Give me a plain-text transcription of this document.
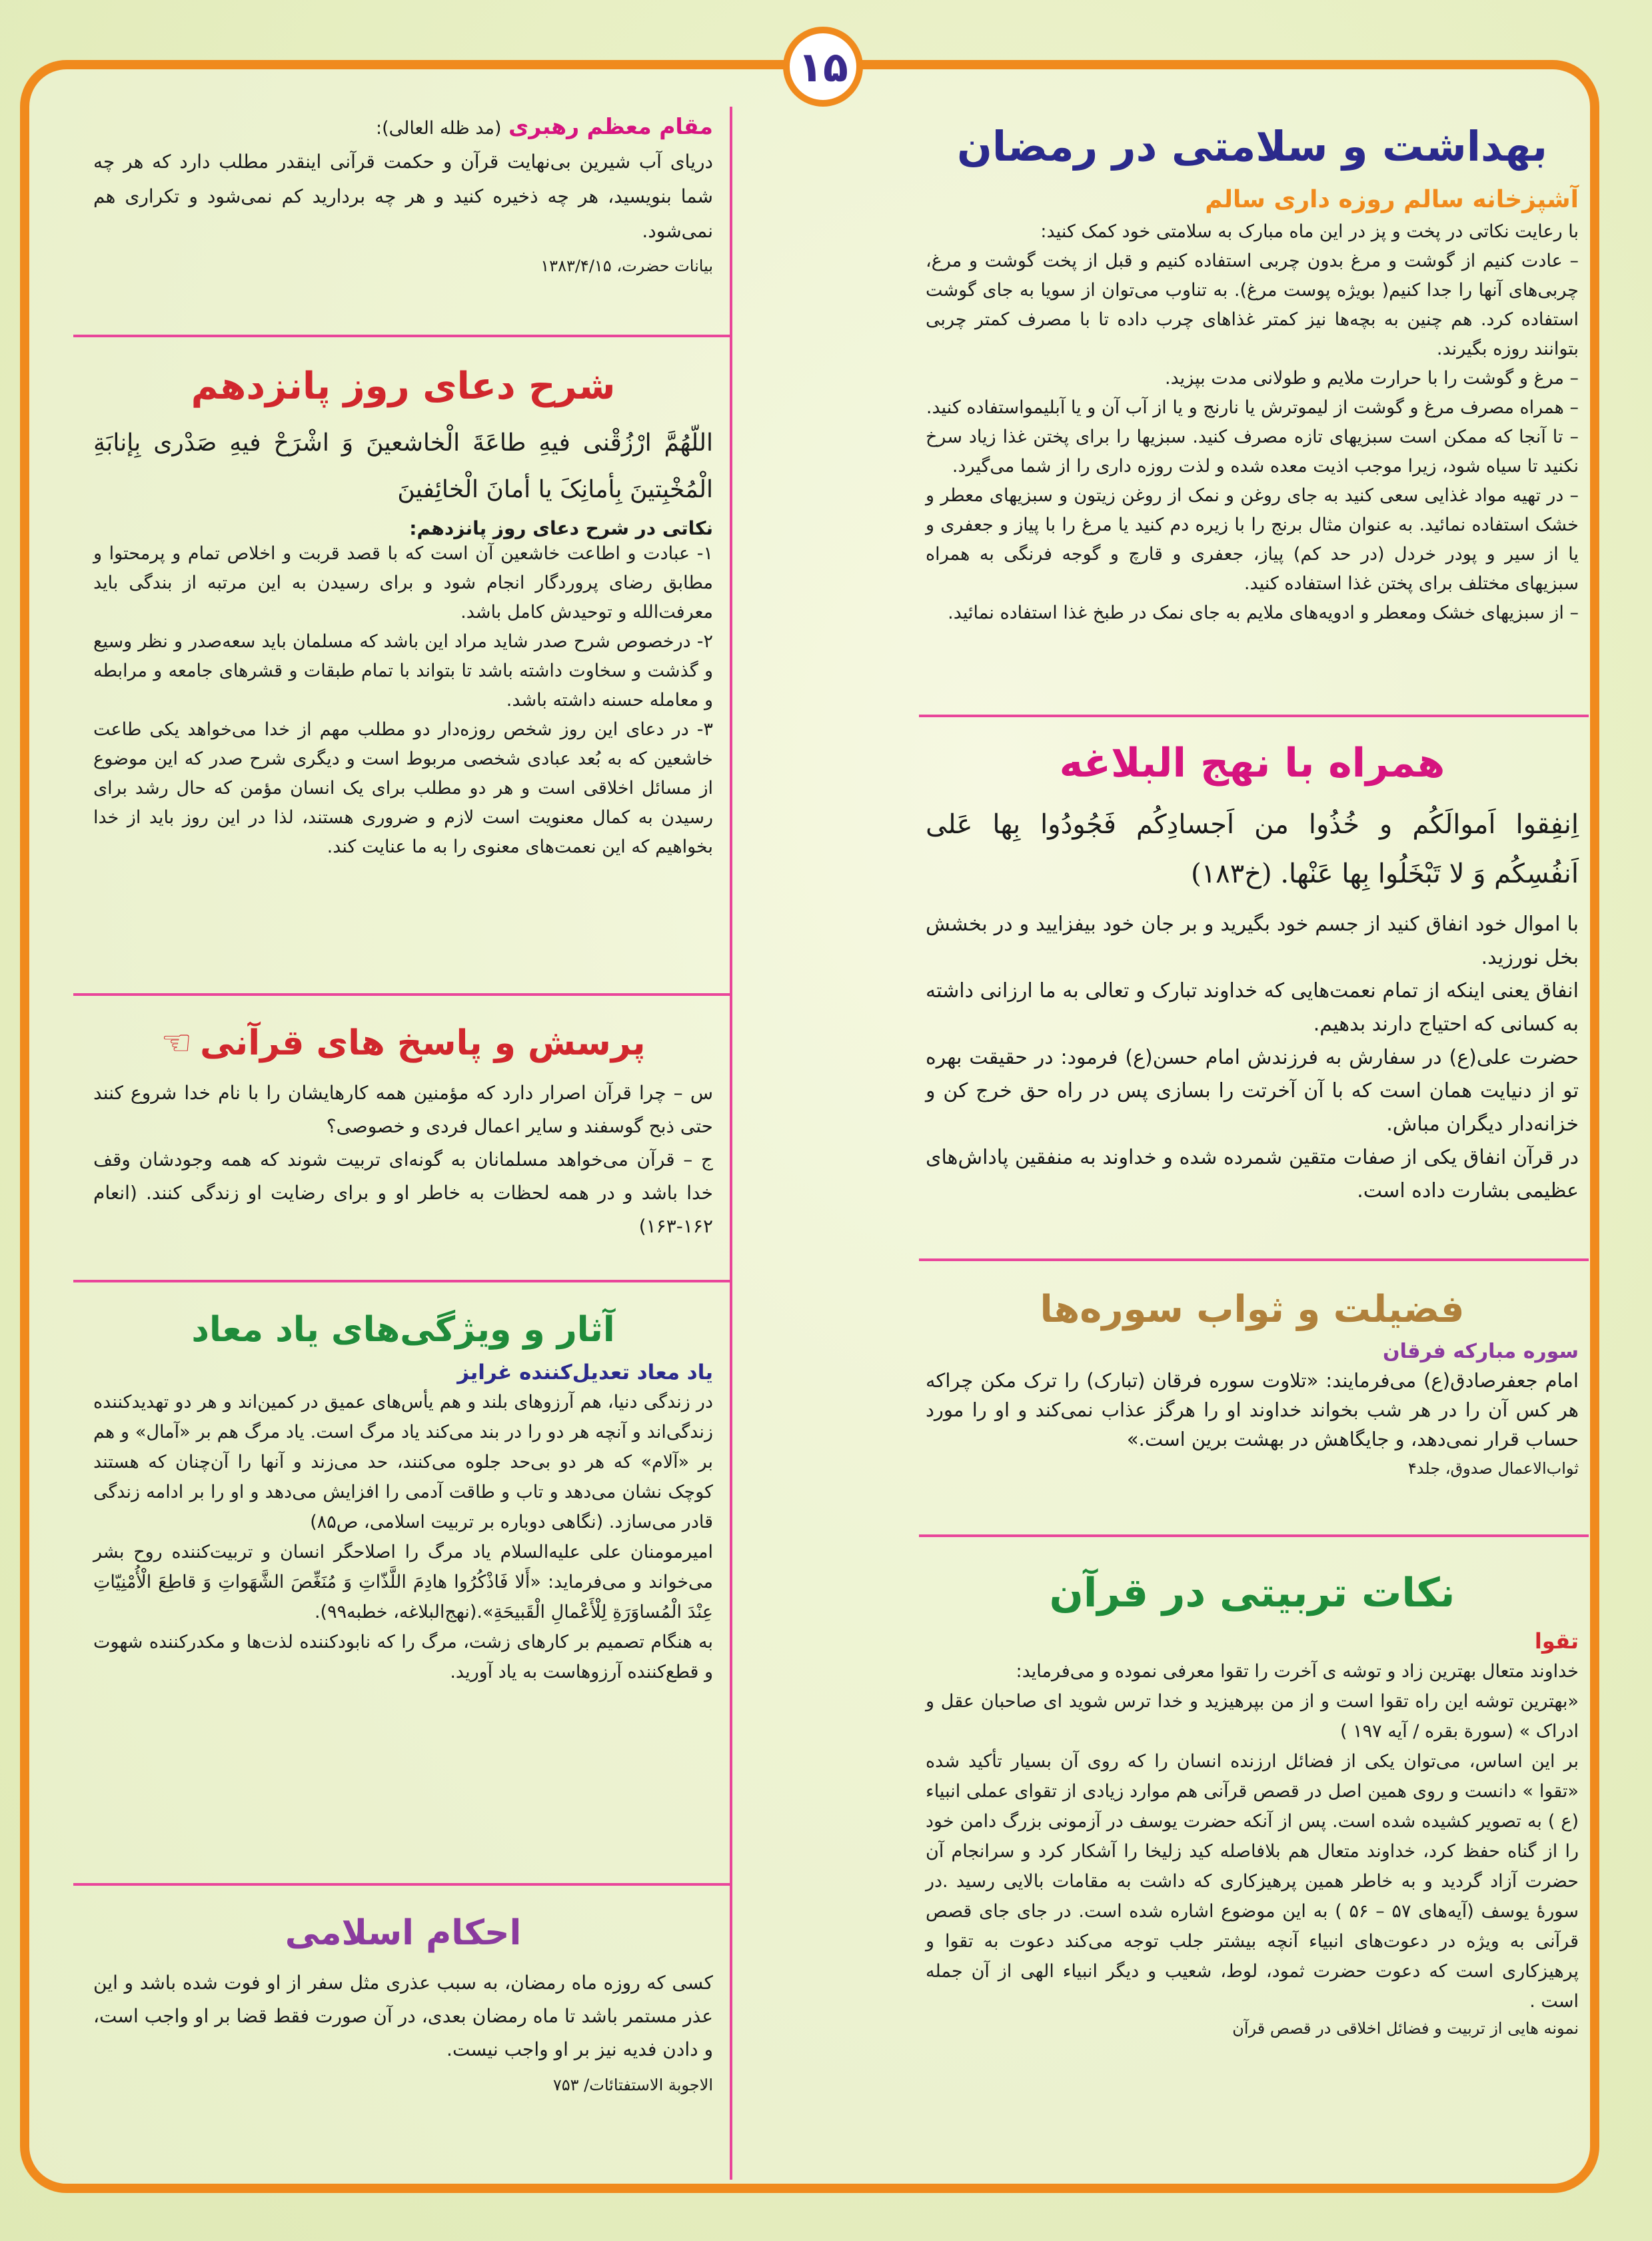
۱۵
بهداشت و سلامتی در رمضان

آشپزخانه سالم روزه داری سالم

با رعایت نکاتی در پخت و پز در این ماه مبارک به سلامتی خود کمک کنید:

– عادت کنیم از گوشت و مرغ بدون چربی استفاده کنیم و قبل از پخت گوشت و مرغ، چربی‌های آنها را جدا کنیم( بویژه پوست مرغ). به تناوب می‌توان از سویا به جای گوشت استفاده کرد. هم چنین به بچه‌ها نیز کمتر غذاهای چرب داده تا با مصرف کمتر چربی بتوانند روزه بگیرند.

– مرغ و گوشت را با حرارت ملایم و طولانی مدت بپزید.

– همراه مصرف مرغ و گوشت از لیموترش یا نارنج و یا از آب آن و یا آبلیمواستفاده کنید.

– تا آنجا که ممکن است سبزیهای تازه مصرف کنید. سبزیها را برای پختن غذا زیاد سرخ نکنید تا سیاه شود، زیرا موجب اذیت معده شده و لذت روزه داری را از شما می‌گیرد.

– در تهیه مواد غذایی سعی کنید به جای روغن و نمک از روغن زیتون و سبزیهای معطر و خشک استفاده نمائید. به عنوان مثال برنج را با زیره دم کنید یا مرغ را با پیاز و جعفری و یا از سیر و پودر خردل (در حد کم) پیاز، جعفری و قارچ و گوجه فرنگی به همراه سبزیهای مختلف برای پختن غذا استفاده کنید.

– از سبزیهای خشک ومعطر و ادویه‌های ملایم به جای نمک در طبخ غذا استفاده نمائید.

همراه با نهج البلاغه

اِنفِقوا اَموالَکُم و خُذُوا من اَجسادِکُم فَجُودُوا بِها عَلی اَنفُسِکُم وَ لا تَبْخَلُوا بِها عَنْها. (خ۱۸۳)

با اموال خود انفاق کنید از جسم خود بگیرید و بر جان خود بیفزایید و در بخشش بخل نورزید.

انفاق یعنی اینکه از تمام نعمت‌هایی که خداوند تبارک و تعالی به ما ارزانی داشته به کسانی که احتیاج دارند بدهیم.

حضرت علی(ع) در سفارش به فرزندش امام حسن(ع) فرمود: در حقیقت بهره تو از دنیایت همان است که با آن آخرتت را بسازی پس در راه حق خرج کن و خزانه‌دار دیگران مباش.

در قرآن انفاق یکی از صفات متقین شمرده شده و خداوند به منفقین پاداش‌های عظیمی بشارت داده است.

فضیلت و ثواب سوره‌ها

سوره مبارکه فرقان

امام جعفرصادق(ع) می‌فرمایند: «تلاوت سوره فرقان (تبارک) را ترک مکن چراکه هر کس آن را در هر شب بخواند خداوند او را هرگز عذاب نمی‌کند و او را مورد حساب قرار نمی‌دهد، و جایگاهش در بهشت برین است.»

ثواب‌الاعمال صدوق، جلد۴

نکات تربیتی در قرآن

تقوا

خداوند متعال بهترین زاد و توشه ی آخرت را تقوا معرفی نموده و می‌فرماید:

«بهترین توشه این راه تقوا است و از من بپرهیزید و خدا ترس شوید ای صاحبان عقل و ادراک » (سورة بقره / آیه ۱۹۷ )

بر این اساس، می‌توان یکی از فضائل ارزنده انسان را که روی آن بسیار تأکید شده «تقوا » دانست و روی همین اصل در قصص قرآنی هم موارد زیادی از تقوای عملی انبیاء (ع ) به تصویر کشیده شده است. پس از آنکه حضرت یوسف در آزمونی بزرگ دامن خود را از گناه حفظ کرد، خداوند متعال هم بلافاصله کید زلیخا را آشکار کرد و سرانجام آن حضرت آزاد گردید و به خاطر همین پرهیزکاری که داشت به مقامات بالایی رسید .در سورۀ یوسف (آیه‌های ۵۷ – ۵۶ ) به این موضوع اشاره شده است. در جای جای قصص قرآنی به ویژه در دعوت‌های انبیاء آنچه بیشتر جلب توجه می‌کند دعوت به تقوا و پرهیزکاری است که دعوت حضرت ثمود، لوط، شعیب و دیگر انبیاء الهی از آن جمله است .

نمونه هایی از تربیت و فضائل اخلاقی در قصص قرآن

مقام معظم رهبری (مد ظله العالی):

دریای آب شیرین بی‌نهایت قرآن و حکمت قرآنی اینقدر مطلب دارد که هر چه شما بنویسید، هر چه ذخیره کنید و هر چه بردارید کم نمی‌شود و تکراری هم نمی‌شود.

بیانات حضرت، ۱۳۸۳/۴/۱۵

شرح دعای روز پانزدهم

اللّهُمَّ ارْزُقْنی فیهِ طاعَةَ الْخاشعینَ وَ اشْرَحْ فیهِ صَدْری بِإنابَةِ الْمُخْبِتینَ بِأمانِکَ یا أمانَ الْخائِفینَ

نکاتی در شرح دعای روز پانزدهم:

۱- عبادت و اطاعت خاشعین آن است که با قصد قربت و اخلاص تمام و پرمحتوا و مطابق رضای پروردگار انجام شود و برای رسیدن به این مرتبه از بندگی باید معرفت‌الله و توحیدش کامل باشد.

۲- درخصوص شرح صدر شاید مراد این باشد که مسلمان باید سعه‌صدر و نظر وسیع و گذشت و سخاوت داشته باشد تا بتواند با تمام طبقات و قشرهای جامعه و مرابطه و معامله حسنه داشته باشد.

۳- در دعای این روز شخص روزه‌دار دو مطلب مهم از خدا می‌خواهد یکی طاعت خاشعین که به بُعد عبادی شخصی مربوط است و دیگری شرح صدر که این موضوع از مسائل اخلاقی است و هر دو مطلب برای یک انسان مؤمن که حال رشد برای رسیدن به کمال معنویت است لازم و ضروری هستند، لذا در این روز باید از خدا بخواهیم که این نعمت‌های معنوی را به ما عنایت کند.

پرسش و پاسخ های قرآنی
☜

س – چرا قرآن اصرار دارد که مؤمنین همه کارهایشان را با نام خدا شروع کنند حتی ذبح گوسفند و سایر اعمال فردی و خصوصی؟

ج – قرآن می‌خواهد مسلمانان به گونه‌ای تربیت شوند که همه وجودشان وقف خدا باشد و در همه لحظات به خاطر او و برای رضایت او زندگی کنند. (انعام ۱۶۲-۱۶۳)

آثار و ویژگی‌های یاد معاد

یاد معاد تعدیل‌کننده غرایز

در زندگی دنیا، هم آرزوهای بلند و هم یأس‌های عمیق در کمین‌اند و هر دو تهدیدکننده زندگی‌اند و آنچه هر دو را در بند می‌کند یاد مرگ است. یاد مرگ هم بر «آمال» و هم بر «آلام» که هر دو بی‌حد جلوه می‌کنند، حد می‌زند و آنها را آن‌چنان که هستند کوچک نشان می‌دهد و تاب و طاقت آدمی را افزایش می‌دهد و او را بر ادامه زندگی قادر می‌سازد. (نگاهی دوباره بر تربیت اسلامی، ص۸۵)

امیرمومنان علی علیه‌السلام یاد مرگ را اصلاحگر انسان و تربیت‌کننده روح بشر می‌خواند و می‌فرماید: «أَلا فَاذْکُرُوا هادِمَ اللَّذّاتِ وَ مُنَغِّصَ الشَّهَواتِ وَ قاطِعَ الْأُمْنِیّاتِ عِنْدَ الْمُساوَرَةِ لِلْأَعْمالِ الْقَبیحَةِ».(نهج‌البلاغه، خطبه۹۹).

به هنگام تصمیم بر کارهای زشت، مرگ را که نابودکننده لذت‌ها و مکدرکننده شهوت و قطع‌کننده آرزوهاست به یاد آورید.

احکام اسلامی

کسی که روزه ماه رمضان، به سبب عذری مثل سفر از او فوت شده باشد و این عذر مستمر باشد تا ماه رمضان بعدی، در آن صورت فقط قضا بر او واجب است، و دادن فدیه نیز بر او واجب نیست.

الاجوبة الاستفتائات/ ۷۵۳
